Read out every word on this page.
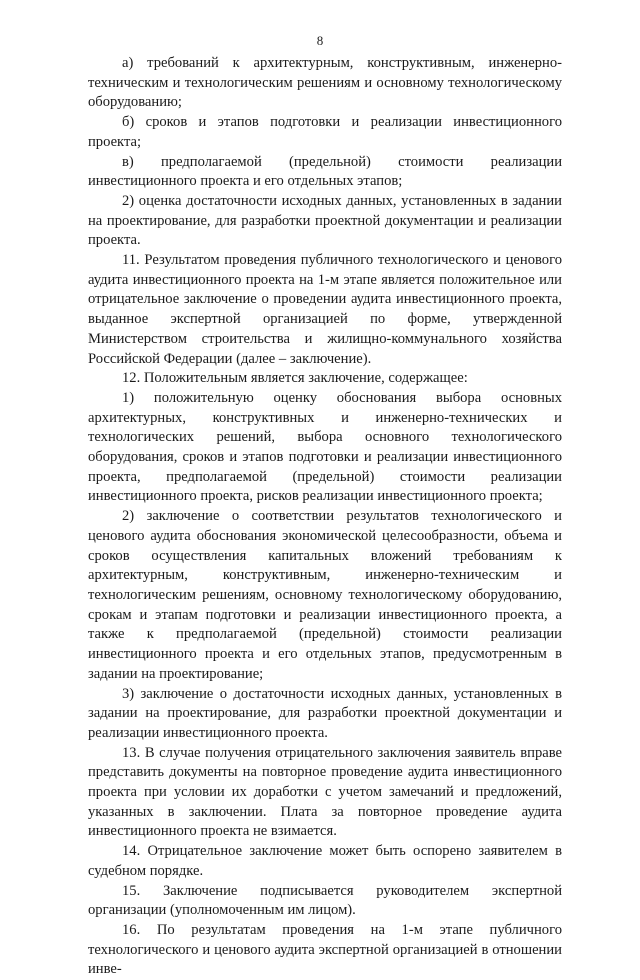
8

а) требований к архитектурным, конструктивным, инженерно-техническим и технологическим решениям и основному технологическому оборудованию;

б) сроков и этапов подготовки и реализации инвестиционного проекта;

в) предполагаемой (предельной) стоимости реализации инвестиционного проекта и его отдельных этапов;

2) оценка достаточности исходных данных, установленных в задании на проектирование, для разработки проектной документации и реализации проекта.

11. Результатом проведения публичного технологического и ценового аудита инвестиционного проекта на 1-м этапе является положительное или отрицательное заключение о проведении аудита инвестиционного проекта, выданное экспертной организацией по форме, утвержденной Министерством строительства и жилищно-коммунального хозяйства Российской Федерации (далее – заключение).

12. Положительным является заключение, содержащее:

1) положительную оценку обоснования выбора основных архитектурных, конструктивных и инженерно-технических и технологических решений, выбора основного технологического оборудования, сроков и этапов подготовки и реализации инвестиционного проекта, предполагаемой (предельной) стоимости реализации инвестиционного проекта, рисков реализации инвестиционного проекта;

2) заключение о соответствии результатов технологического и ценового аудита обоснования экономической целесообразности, объема и сроков осуществления капитальных вложений требованиям к архитектурным, конструктивным, инженерно-техническим и технологическим решениям, основному технологическому оборудованию, срокам и этапам подготовки и реализации инвестиционного проекта, а также к предполагаемой (предельной) стоимости реализации инвестиционного проекта и его отдельных этапов, предусмотренным в задании на проектирование;

3) заключение о достаточности исходных данных, установленных в задании на проектирование, для разработки проектной документации и реализации инвестиционного проекта.

13. В случае получения отрицательного заключения заявитель вправе представить документы на повторное проведение аудита инвестиционного проекта при условии их доработки с учетом замечаний и предложений, указанных в заключении. Плата за повторное проведение аудита инвестиционного проекта не взимается.

14. Отрицательное заключение может быть оспорено заявителем в судебном порядке.

15. Заключение подписывается руководителем экспертной организации (уполномоченным им лицом).

16. По результатам проведения на 1-м этапе публичного технологического и ценового аудита экспертной организацией в отношении инве-
